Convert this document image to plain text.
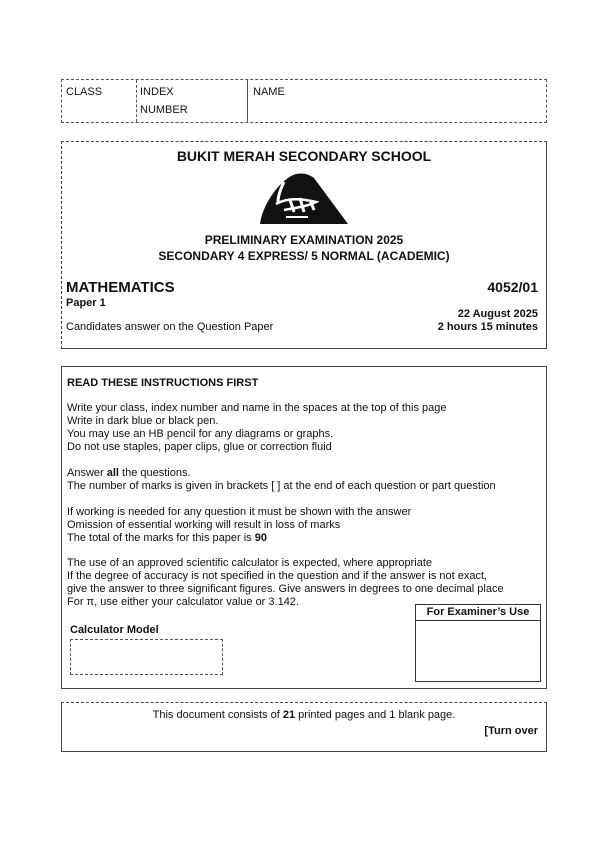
CLASS	INDEX
NUMBER
NAME
BUKIT MERAH SECONDARY SCHOOL
PRELIMINARY EXAMINATION 2025
SECONDARY 4 EXPRESS/ 5 NORMAL (ACADEMIC)
MATHEMATICS	4052/01
Paper 1
22 August 2025
Candidates answer on the Question Paper	2 hours 15 minutes
READ THESE INSTRUCTIONS FIRST
Write your class, index number and name in the spaces at the top of this page
Write in dark blue or black pen.
You may use an HB pencil for any diagrams or graphs.
Do not use staples, paper clips, glue or correction fluid
Answer all the questions.
The number of marks is given in brackets [ ] at the end of each question or part question
If working is needed for any question it must be shown with the answer
Omission of essential working will result in loss of marks
The total of the marks for this paper is 90
The use of an approved scientific calculator is expected, where appropriate
If the degree of accuracy is not specified in the question and if the answer is not exact,
give the answer to three significant figures. Give answers in degrees to one decimal place
For π, use either your calculator value or 3.142.
For Examiner’s Use
Calculator Model
This document consists of 21 printed pages and 1 blank page.
[Turn over
